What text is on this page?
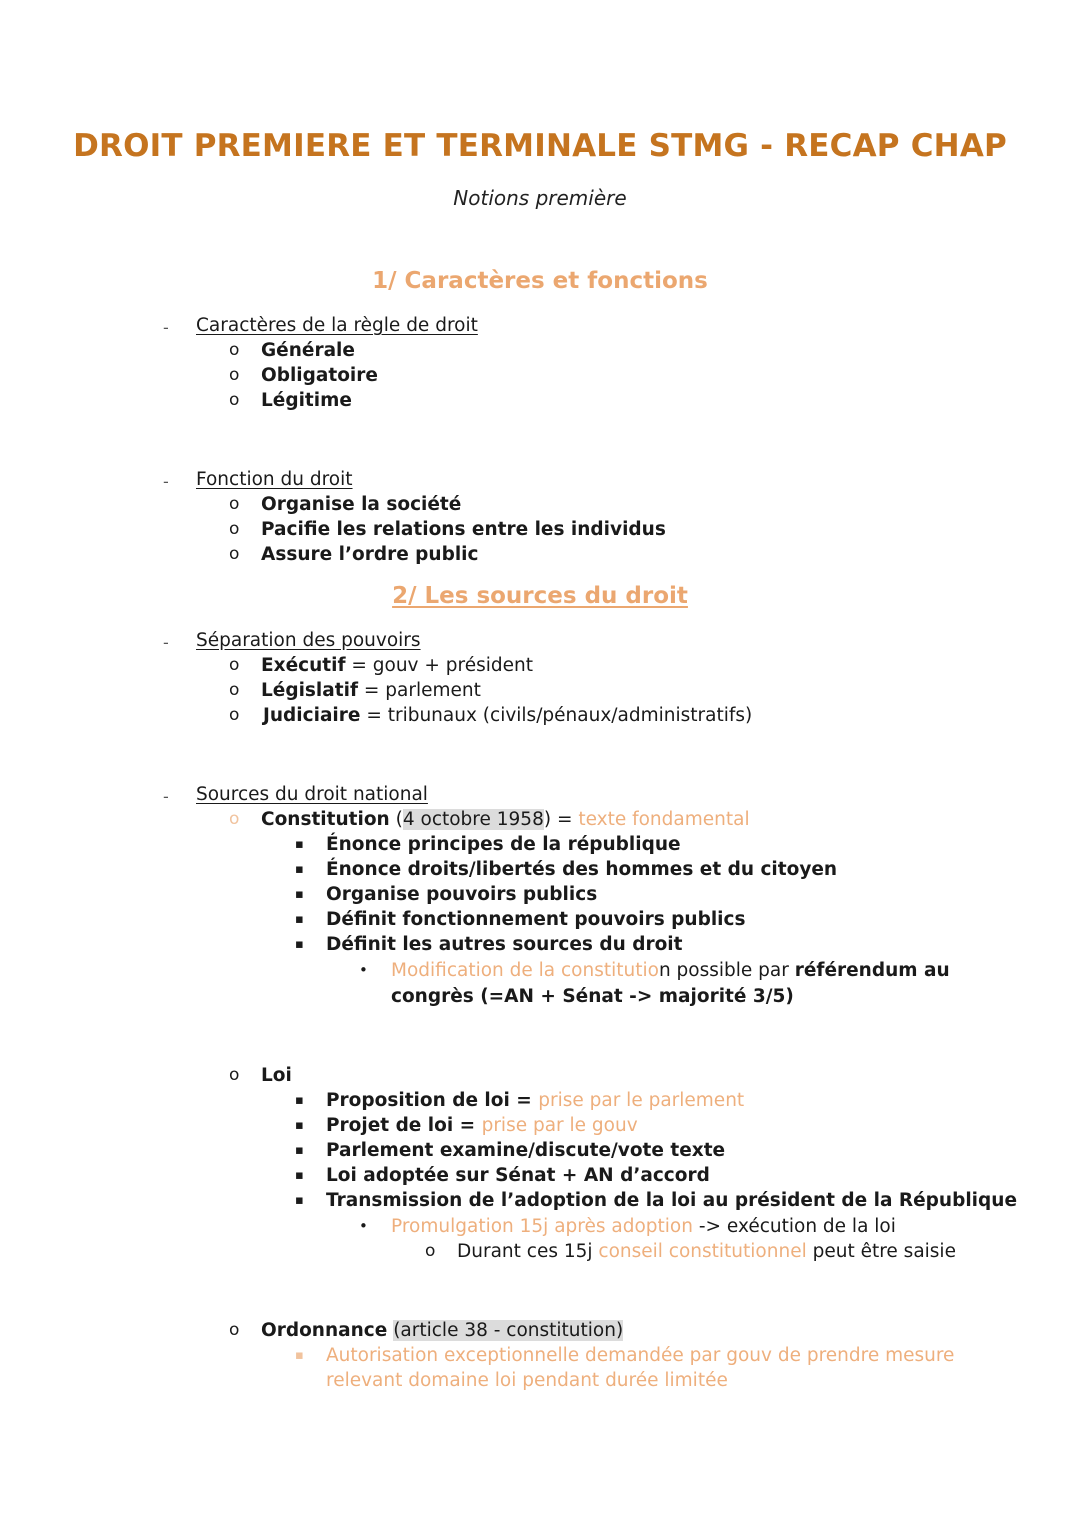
DROIT PREMIERE ET TERMINALE STMG - RECAP CHAP
Notions première
1/ Caractères et fonctions
- Caractères de la règle de droit
o Générale
o Obligatoire
o Légitime
- Fonction du droit
o Organise la société
o Pacifie les relations entre les individus
o Assure l’ordre public
2/ Les sources du droit
- Séparation des pouvoirs
o Exécutif = gouv + président
o Législatif = parlement
o Judiciaire = tribunaux (civils/pénaux/administratifs)
- Sources du droit national
o Constitution (4 octobre 1958) = texte fondamental
▪ Énonce principes de la république
▪ Énonce droits/libertés des hommes et du citoyen
▪ Organise pouvoirs publics
▪ Définit fonctionnement pouvoirs publics
▪ Définit les autres sources du droit
• Modification de la constitution possible par référendum au
congrès (=AN + Sénat -> majorité 3/5)
o Loi
▪ Proposition de loi = prise par le parlement
▪ Projet de loi = prise par le gouv
▪ Parlement examine/discute/vote texte
▪ Loi adoptée sur Sénat + AN d’accord
▪ Transmission de l’adoption de la loi au président de la République
• Promulgation 15j après adoption -> exécution de la loi
o Durant ces 15j conseil constitutionnel peut être saisie
o Ordonnance (article 38 - constitution)
▪ Autorisation exceptionnelle demandée par gouv de prendre mesure
relevant domaine loi pendant durée limitée
